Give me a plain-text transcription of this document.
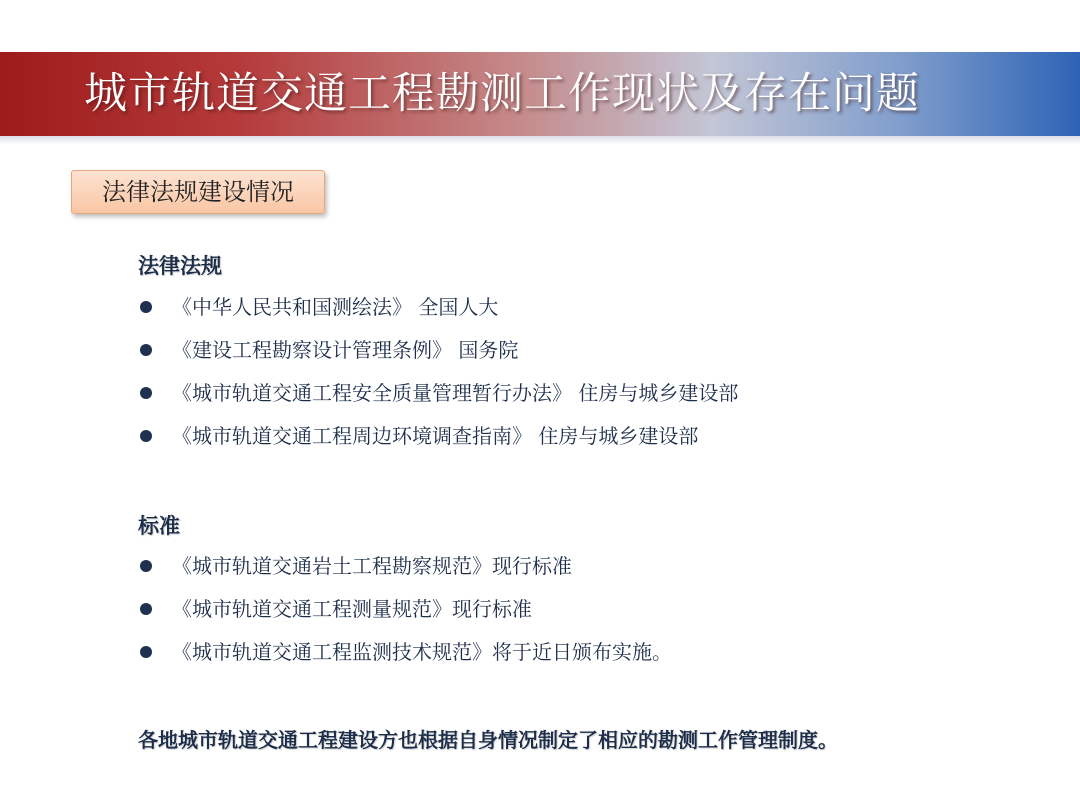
城市轨道交通工程勘测工作现状及存在问题
法律法规建设情况
法律法规
《中华人民共和国测绘法》 全国人大
《建设工程勘察设计管理条例》 国务院
《城市轨道交通工程安全质量管理暂行办法》 住房与城乡建设部
《城市轨道交通工程周边环境调查指南》 住房与城乡建设部
标准
《城市轨道交通岩土工程勘察规范》现行标准
《城市轨道交通工程测量规范》现行标准
《城市轨道交通工程监测技术规范》将于近日颁布实施。
各地城市轨道交通工程建设方也根据自身情况制定了相应的勘测工作管理制度。
